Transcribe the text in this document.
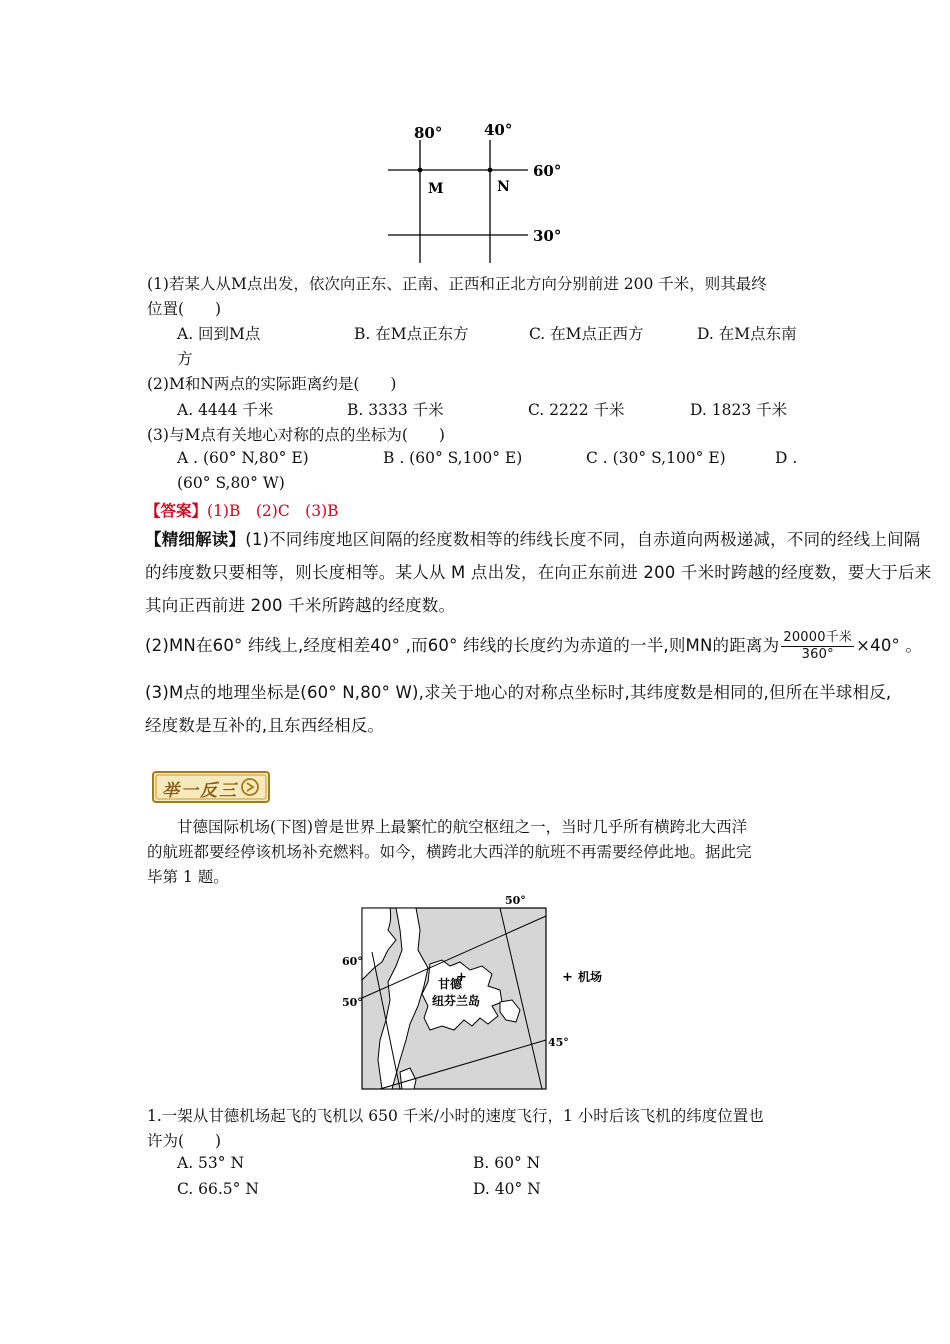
80°	40°
60°
30°
M	N
(1)若某人从M点出发，依次向正东、正南、正西和正北方向分别前进 200 千米，则其最终
位置(　　)
A. 回到M点	B. 在M点正东方	C. 在M点正西方	D. 在M点东南
方
(2)M和N两点的实际距离约是(　　)
A. 4444 千米	B. 3333 千米	C. 2222 千米	D. 1823 千米
(3)与M点有关地心对称的点的坐标为(　　)
A . (60° N,80° E)	B . (60° S,100° E)	C . (30° S,100° E)	D .
(60° S,80° W)
【答案】(1)B　(2)C　(3)B
【精细解读】(1)不同纬度地区间隔的经度数相等的纬线长度不同，自赤道向两极递减，不同的经线上间隔
的纬度数只要相等，则长度相等。某人从 M 点出发，在向正东前进 200 千米时跨越的经度数，要大于后来
其向正西前进 200 千米所跨越的经度数。
(2)MN在60° 纬线上,经度相差40° ,而60° 纬线的长度约为赤道的一半,则MN的距离为 $\frac{\text{20000千米}}{360^\circ} \times 40^\circ$ 。
(3)M点的地理坐标是(60° N,80° W),求关于地心的对称点坐标时,其纬度数是相同的,但所在半球相反,
经度数是互补的,且东西经相反。
举一反三
甘德国际机场(下图)曾是世界上最繁忙的航空枢纽之一，当时几乎所有横跨北大西洋
的航班都要经停该机场补充燃料。如今，横跨北大西洋的航班不再需要经停此地。据此完
毕第 1 题。
50°
60°
50°
45°
+
甘德
纽芬兰岛
+ 机场
1.一架从甘德机场起飞的飞机以 650 千米/小时的速度飞行，1 小时后该飞机的纬度位置也
许为(　　)
A. 53° N	B. 60° N
C. 66.5° N	D. 40° N
